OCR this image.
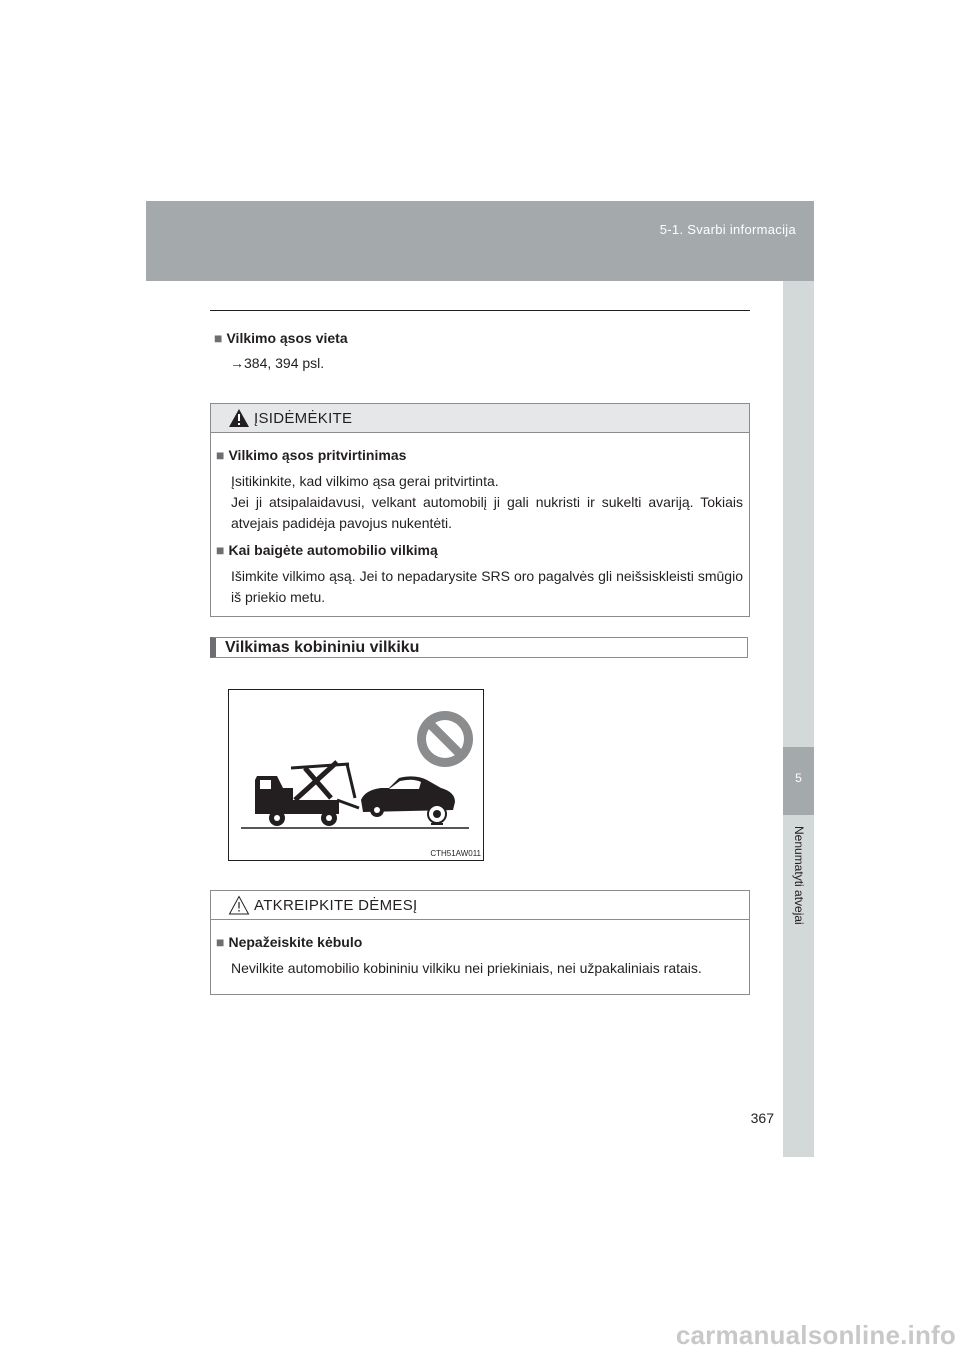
5-1. Svarbi informacija
5
Nenumatyti atvejai
■ Vilkimo ąsos vieta
→384, 394 psl.
ĮSIDĖMĖKITE
■ Vilkimo ąsos pritvirtinimas

Įsitikinkite, kad vilkimo ąsa gerai pritvirtinta.
Jei ji atsipalaidavusi, velkant automobilį ji gali nukristi ir sukelti avariją. Tokiais atvejais padidėja pavojus nukentėti.

■ Kai baigėte automobilio vilkimą

Išimkite vilkimo ąsą. Jei to nepadarysite SRS oro pagalvės gli neišsiskleisti smūgio iš priekio metu.

Vilkimas kobininiu vilkiku
CTH51AW011
ATKREIPKITE DĖMESĮ
■ Nepažeiskite kėbulo

Nevilkite automobilio kobininiu vilkiku nei priekiniais, nei užpakaliniais ratais.

367
carmanualsonline.info
